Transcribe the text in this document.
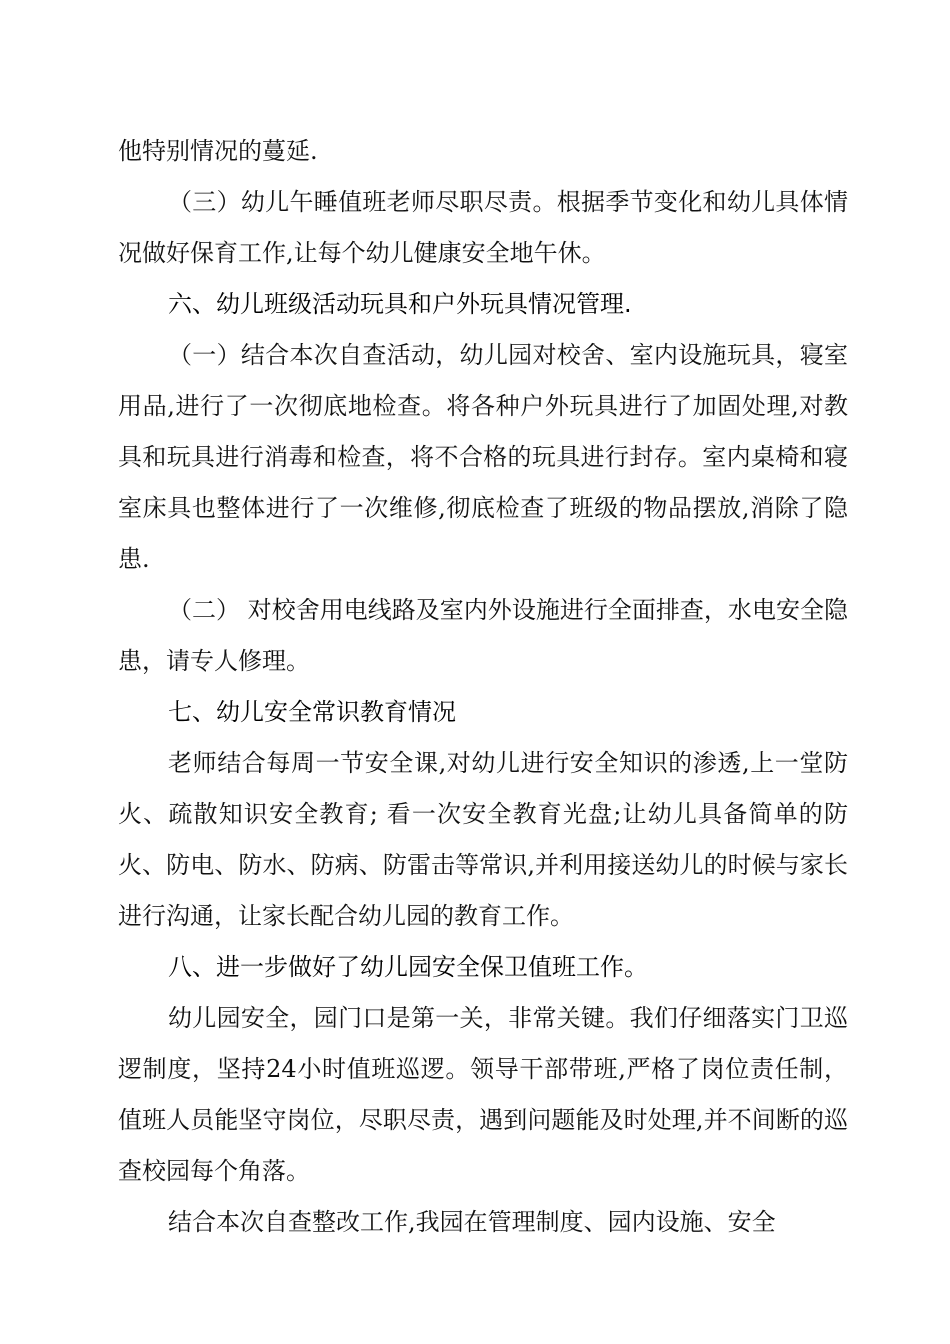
他特别情况的蔓延.

（三）幼儿午睡值班老师尽职尽责。根据季节变化和幼儿具体情况做好保育工作,让每个幼儿健康安全地午休。

六、幼儿班级活动玩具和户外玩具情况管理.

（一）结合本次自查活动，幼儿园对校舍、室内设施玩具，寝室用品,进行了一次彻底地检查。将各种户外玩具进行了加固处理,对教具和玩具进行消毒和检查，将不合格的玩具进行封存。室内桌椅和寝室床具也整体进行了一次维修,彻底检查了班级的物品摆放,消除了隐患.

（二） 对校舍用电线路及室内外设施进行全面排查，水电安全隐患，请专人修理。

七、幼儿安全常识教育情况

老师结合每周一节安全课,对幼儿进行安全知识的渗透,上一堂防火、疏散知识安全教育; 看一次安全教育光盘;让幼儿具备简单的防火、防电、防水、防病、防雷击等常识,并利用接送幼儿的时候与家长进行沟通，让家长配合幼儿园的教育工作。

八、进一步做好了幼儿园安全保卫值班工作。

幼儿园安全，园门口是第一关，非常关键。我们仔细落实门卫巡逻制度，坚持24小时值班巡逻。领导干部带班,严格了岗位责任制，值班人员能坚守岗位，尽职尽责，遇到问题能及时处理,并不间断的巡查校园每个角落。

结合本次自查整改工作,我园在管理制度、园内设施、安全
